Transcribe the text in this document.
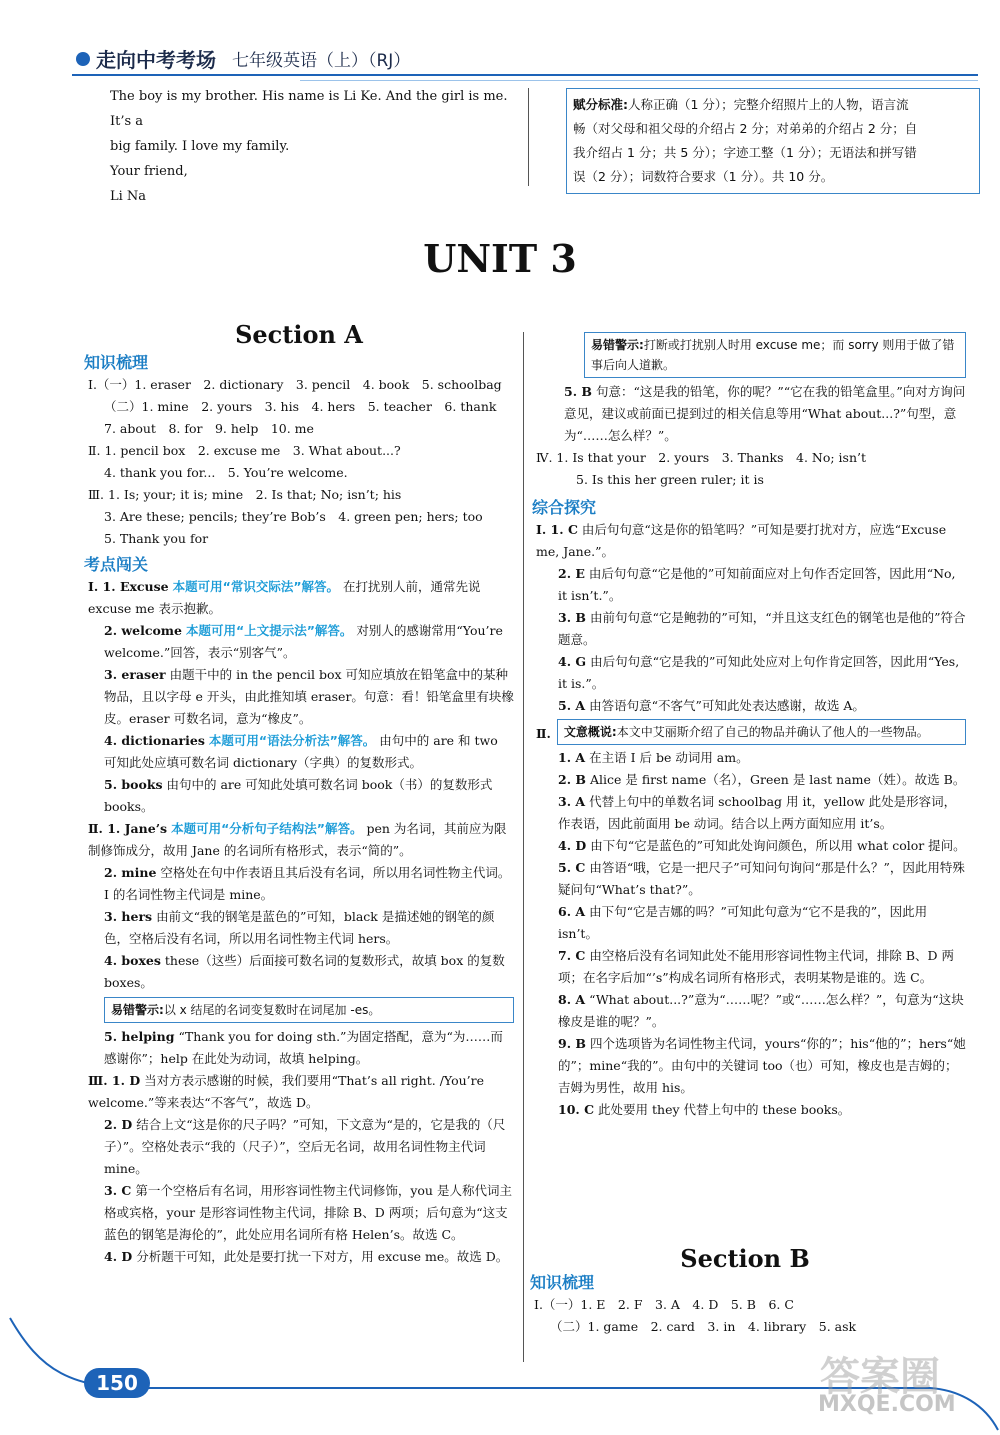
走向中考考场 七年级英语（上）（RJ）

The boy is my brother. His name is Li Ke. And the girl is me. It’s a

big family. I love my family.

Your friend,

Li Na

赋分标准:人称正确（1 分）；完整介绍照片上的人物，语言流
畅（对父母和祖父母的介绍占 2 分；对弟弟的介绍占 2 分；自
我介绍占 1 分；共 5 分）；字迹工整（1 分）；无语法和拼写错
误（2 分）；词数符合要求（1 分）。共 10 分。
UNIT 3
Section A
知识梳理
Ⅰ.（一）1. eraser　2. dictionary　3. pencil　4. book　5. schoolbag
（二）1. mine　2. yours　3. his　4. hers　5. teacher　6. thank
7. about　8. for　9. help　10. me
Ⅱ. 1. pencil box　2. excuse me　3. What about...?
4. thank you for...　5. You’re welcome.
Ⅲ. 1. Is; your; it is; mine　2. Is that; No; isn’t; his
3. Are these; pencils; they’re Bob’s　4. green pen; hers; too
5. Thank you for
考点闯关
Ⅰ. 1. Excuse 本题可用“常识交际法”解答。 在打扰别人前，通常先说 excuse me 表示抱歉。
2. welcome 本题可用“上文提示法”解答。 对别人的感谢常用“You’re welcome.”回答，表示“别客气”。
3. eraser 由题干中的 in the pencil box 可知应填放在铅笔盒中的某种物品，且以字母 e 开头，由此推知填 eraser。句意：看！铅笔盒里有块橡皮。eraser 可数名词，意为“橡皮”。
4. dictionaries 本题可用“语法分析法”解答。 由句中的 are 和 two 可知此处应填可数名词 dictionary（字典）的复数形式。
5. books 由句中的 are 可知此处填可数名词 book（书）的复数形式 books。
Ⅱ. 1. Jane’s 本题可用“分析句子结构法”解答。 pen 为名词，其前应为限制修饰成分，故用 Jane 的名词所有格形式，表示“简的”。
2. mine 空格处在句中作表语且其后没有名词，所以用名词性物主代词。I 的名词性物主代词是 mine。
3. hers 由前文“我的钢笔是蓝色的”可知，black 是描述她的钢笔的颜色，空格后没有名词，所以用名词性物主代词 hers。
4. boxes these（这些）后面接可数名词的复数形式，故填 box 的复数 boxes。
易错警示:以 x 结尾的名词变复数时在词尾加 -es。
5. helping “Thank you for doing sth.”为固定搭配，意为“为……而感谢你”；help 在此处为动词，故填 helping。
Ⅲ. 1. D 当对方表示感谢的时候，我们要用“That’s all right. /You’re welcome.”等来表达“不客气”，故选 D。
2. D 结合上文“这是你的尺子吗？”可知，下文意为“是的，它是我的（尺子）”。空格处表示“我的（尺子）”，空后无名词，故用名词性物主代词 mine。
3. C 第一个空格后有名词，用形容词性物主代词修饰，you 是人称代词主格或宾格，your 是形容词性物主代词，排除 B、D 两项；后句意为“这支蓝色的钢笔是海伦的”，此处应用名词所有格 Helen’s。故选 C。
4. D 分析题干可知，此处是要打扰一下对方，用 excuse me。故选 D。
易错警示:打断或打扰别人时用 excuse me；而 sorry 则用于做了错事后向人道歉。
5. B 句意：“这是我的铅笔，你的呢？”“它在我的铅笔盒里。”向对方询问意见，建议或前面已提到过的相关信息等用“What about...?”句型，意为“……怎么样？”。
Ⅳ. 1. Is that your　2. yours　3. Thanks　4. No; isn’t
5. Is this her green ruler; it is
综合探究
Ⅰ. 1. C 由后句句意“这是你的铅笔吗？”可知是要打扰对方，应选“Excuse me, Jane.”。
2. E 由后句句意“它是他的”可知前面应对上句作否定回答，因此用“No, it isn’t.”。
3. B 由前句句意“它是鲍勃的”可知，“并且这支红色的钢笔也是他的”符合题意。
4. G 由后句句意“它是我的”可知此处应对上句作肯定回答，因此用“Yes, it is.”。
5. A 由答语句意“不客气”可知此处表达感谢，故选 A。
Ⅱ.	文意概说:本文中艾丽斯介绍了自己的物品并确认了他人的一些物品。
1. A 在主语 I 后 be 动词用 am。
2. B Alice 是 first name（名），Green 是 last name（姓）。故选 B。
3. A 代替上句中的单数名词 schoolbag 用 it，yellow 此处是形容词，作表语，因此前面用 be 动词。结合以上两方面知应用 it’s。
4. D 由下句“它是蓝色的”可知此处询问颜色，所以用 what color 提问。
5. C 由答语“哦，它是一把尺子”可知问句询问“那是什么？”，因此用特殊疑问句“What’s that?”。
6. A 由下句“它是吉娜的吗？”可知此句意为“它不是我的”，因此用 isn’t。
7. C 由空格后没有名词知此处不能用形容词性物主代词，排除 B、D 两项；在名字后加“’s”构成名词所有格形式，表明某物是谁的。选 C。
8. A “What about...?”意为“……呢？”或“……怎么样？”，句意为“这块橡皮是谁的呢？”。
9. B 四个选项皆为名词性物主代词，yours“你的”；his“他的”；hers“她的”；mine“我的”。由句中的关键词 too（也）可知，橡皮也是吉姆的；吉姆为男性，故用 his。
10. C 此处要用 they 代替上句中的 these books。
Section B
知识梳理
Ⅰ.（一）1. E　2. F　3. A　4. D　5. B　6. C
（二）1. game　2. card　3. in　4. library　5. ask
150	答案圈
MXQE.COM
